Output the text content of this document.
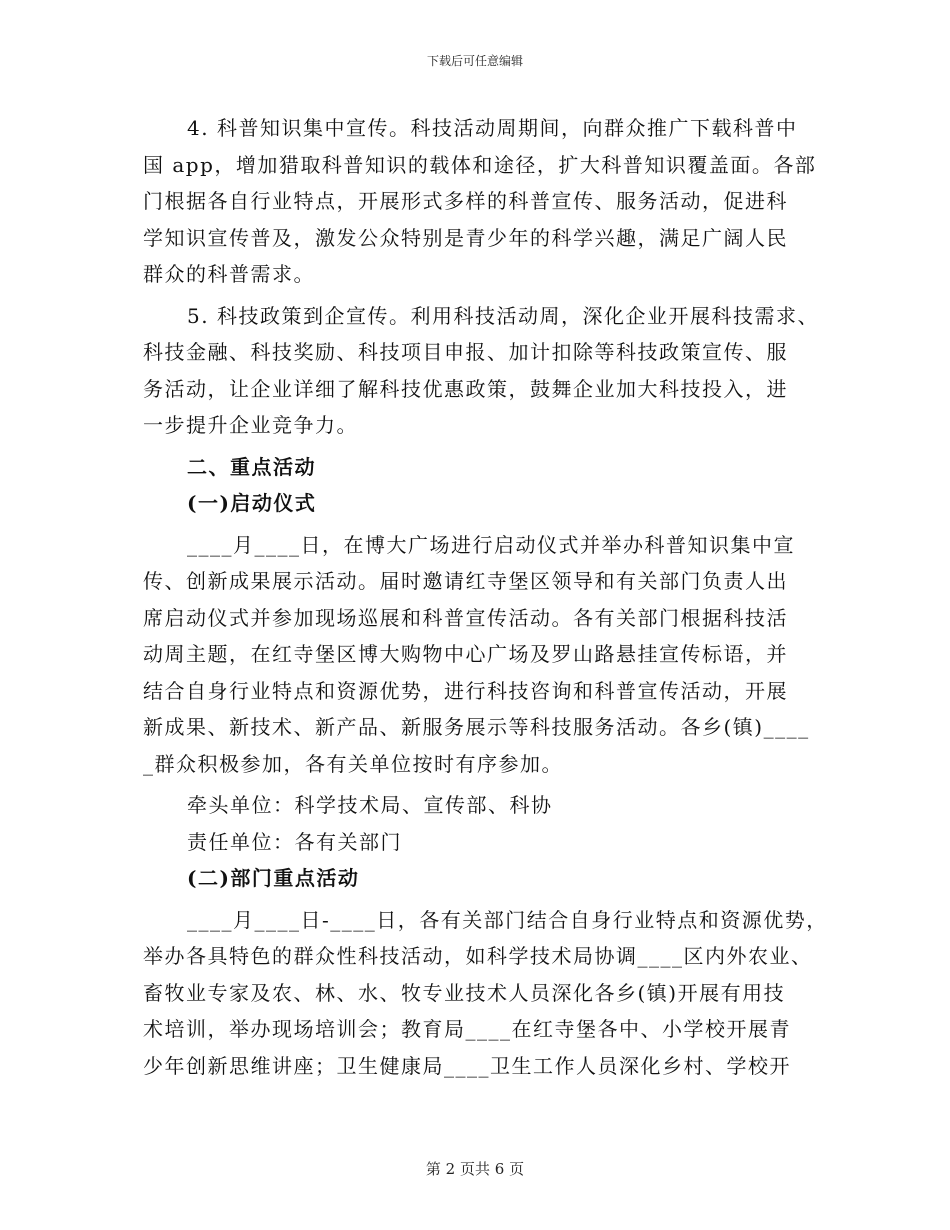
下载后可任意编辑
4. 科普知识集中宣传。科技活动周期间，向群众推广下载科普中
国 app，增加猎取科普知识的载体和途径，扩大科普知识覆盖面。各部
门根据各自行业特点，开展形式多样的科普宣传、服务活动，促进科
学知识宣传普及，激发公众特别是青少年的科学兴趣，满足广阔人民
群众的科普需求。
5. 科技政策到企宣传。利用科技活动周，深化企业开展科技需求、
科技金融、科技奖励、科技项目申报、加计扣除等科技政策宣传、服
务活动，让企业详细了解科技优惠政策，鼓舞企业加大科技投入，进
一步提升企业竞争力。
二、重点活动
(一)启动仪式
____月____日，在博大广场进行启动仪式并举办科普知识集中宣
传、创新成果展示活动。届时邀请红寺堡区领导和有关部门负责人出
席启动仪式并参加现场巡展和科普宣传活动。各有关部门根据科技活
动周主题，在红寺堡区博大购物中心广场及罗山路悬挂宣传标语，并
结合自身行业特点和资源优势，进行科技咨询和科普宣传活动，开展
新成果、新技术、新产品、新服务展示等科技服务活动。各乡(镇)____
_群众积极参加，各有关单位按时有序参加。
牵头单位：科学技术局、宣传部、科协
责任单位：各有关部门
(二)部门重点活动
____月____日-____日，各有关部门结合自身行业特点和资源优势，
举办各具特色的群众性科技活动，如科学技术局协调____区内外农业、
畜牧业专家及农、林、水、牧专业技术人员深化各乡(镇)开展有用技
术培训，举办现场培训会；教育局____在红寺堡各中、小学校开展青
少年创新思维讲座；卫生健康局____卫生工作人员深化乡村、学校开
第 2 页共 6 页
